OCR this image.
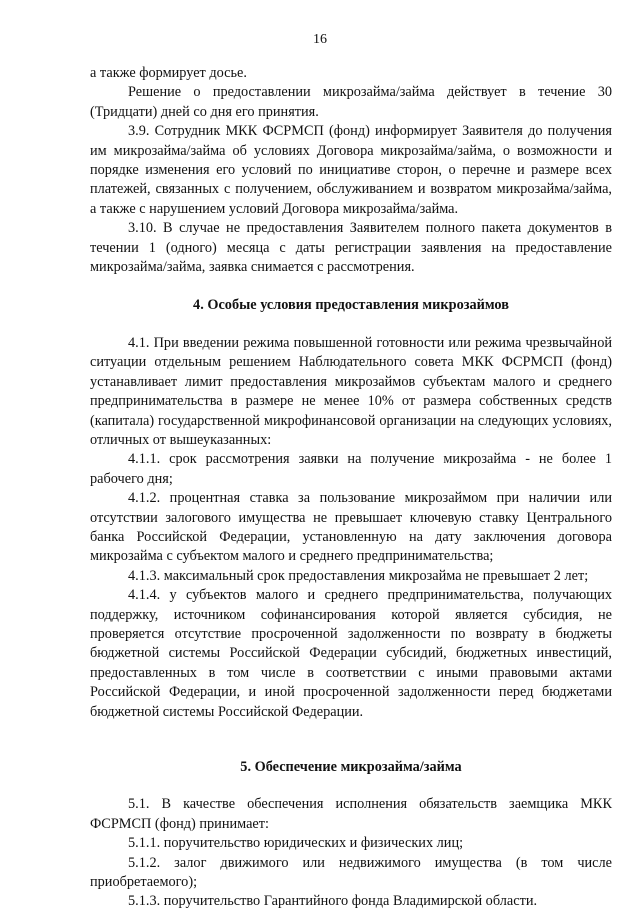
16

а также формирует досье.

Решение о предоставлении микрозайма/займа действует в течение 30 (Тридцати) дней со дня его принятия.

3.9. Сотрудник МКК ФСРМСП (фонд) информирует Заявителя до получения им микрозайма/займа об условиях Договора микрозайма/займа, о возможности и порядке изменения его условий по инициативе сторон, о перечне и размере всех платежей, связанных с получением, обслуживанием и возвратом микрозайма/займа, а также с нарушением условий Договора микрозайма/займа.

3.10. В случае не предоставления Заявителем полного пакета документов в течении 1 (одного) месяца с даты регистрации заявления на предоставление микрозайма/займа, заявка снимается с рассмотрения.

4. Особые условия предоставления микрозаймов

4.1. При введении режима повышенной готовности или режима чрезвычайной ситуации отдельным решением Наблюдательного совета МКК ФСРМСП (фонд) устанавливает лимит предоставления микрозаймов субъектам малого и среднего предпринимательства в размере не менее 10% от размера собственных средств (капитала) государственной микрофинансовой организации на следующих условиях, отличных от вышеуказанных:

4.1.1. срок рассмотрения заявки на получение микрозайма - не более 1 рабочего дня;

4.1.2. процентная ставка за пользование микрозаймом при наличии или отсутствии залогового имущества не превышает ключевую ставку Центрального банка Российской Федерации, установленную на дату заключения договора микрозайма с субъектом малого и среднего предпринимательства;

4.1.3. максимальный срок предоставления микрозайма не превышает 2 лет;

4.1.4. у субъектов малого и среднего предпринимательства, получающих поддержку, источником софинансирования которой является субсидия, не проверяется отсутствие просроченной задолженности по возврату в бюджеты бюджетной системы Российской Федерации субсидий, бюджетных инвестиций, предоставленных в том числе в соответствии с иными правовыми актами Российской Федерации, и иной просроченной задолженности перед бюджетами бюджетной системы Российской Федерации.

5. Обеспечение микрозайма/займа

5.1. В качестве обеспечения исполнения обязательств заемщика МКК ФСРМСП (фонд) принимает:

5.1.1. поручительство юридических и физических лиц;

5.1.2. залог движимого или недвижимого имущества (в том числе приобретаемого);

5.1.3. поручительство Гарантийного фонда Владимирской области.
